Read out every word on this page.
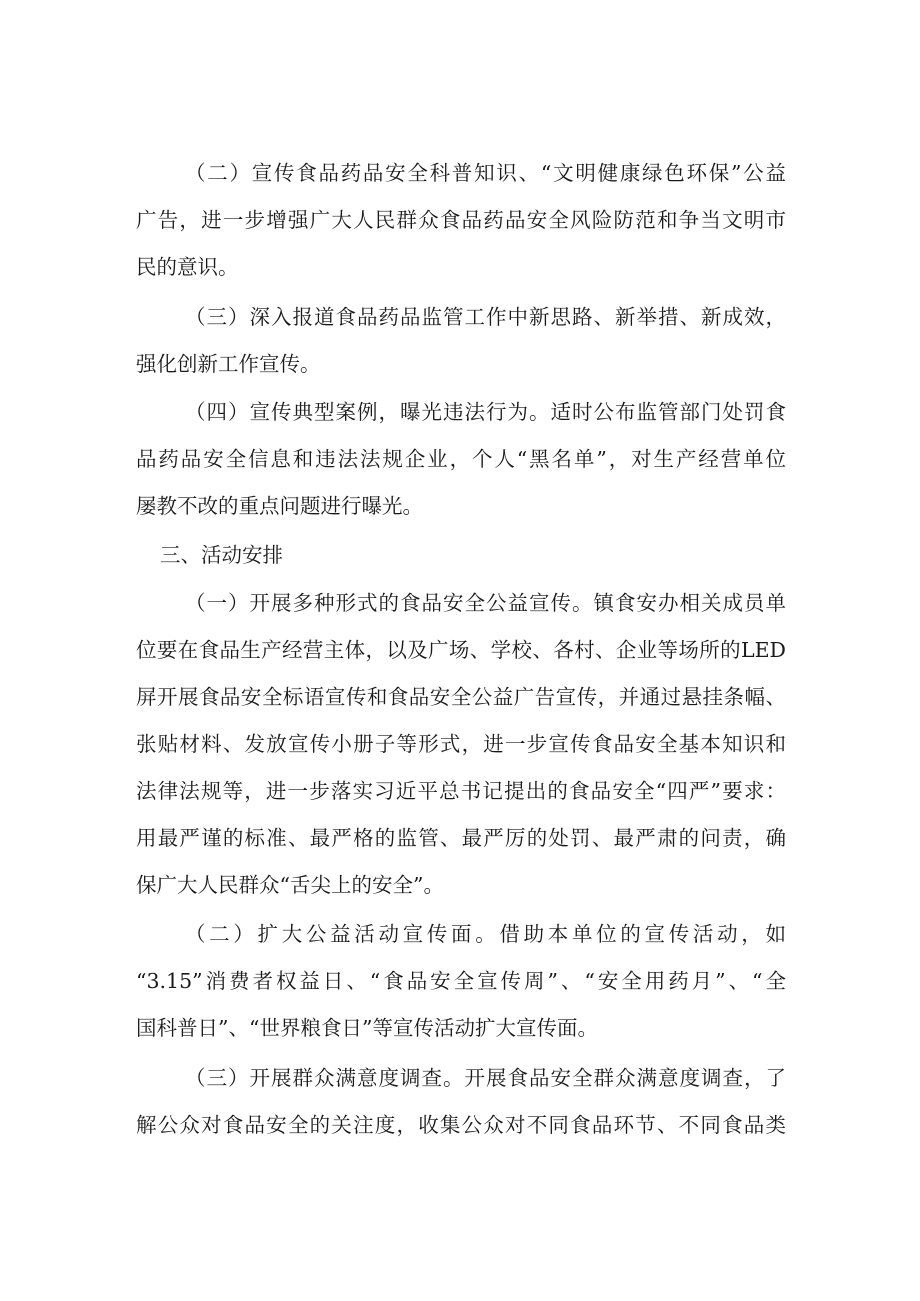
（二）宣传食品药品安全科普知识、“文明健康绿色环保”公益
广告，进一步增强广大人民群众食品药品安全风险防范和争当文明市
民的意识。
（三）深入报道食品药品监管工作中新思路、新举措、新成效，
强化创新工作宣传。
（四）宣传典型案例，曝光违法行为。适时公布监管部门处罚食
品药品安全信息和违法法规企业，个人“黑名单”，对生产经营单位
屡教不改的重点问题进行曝光。
三、活动安排
（一）开展多种形式的食品安全公益宣传。镇食安办相关成员单
位要在食品生产经营主体，以及广场、学校、各村、企业等场所的LED
屏开展食品安全标语宣传和食品安全公益广告宣传，并通过悬挂条幅、
张贴材料、发放宣传小册子等形式，进一步宣传食品安全基本知识和
法律法规等，进一步落实习近平总书记提出的食品安全“四严”要求：
用最严谨的标准、最严格的监管、最严厉的处罚、最严肃的问责，确
保广大人民群众“舌尖上的安全”。
（二）扩大公益活动宣传面。借助本单位的宣传活动，如
“3.15”消费者权益日、“食品安全宣传周”、“安全用药月”、“全
国科普日”、“世界粮食日”等宣传活动扩大宣传面。
（三）开展群众满意度调查。开展食品安全群众满意度调查，了
解公众对食品安全的关注度，收集公众对不同食品环节、不同食品类
